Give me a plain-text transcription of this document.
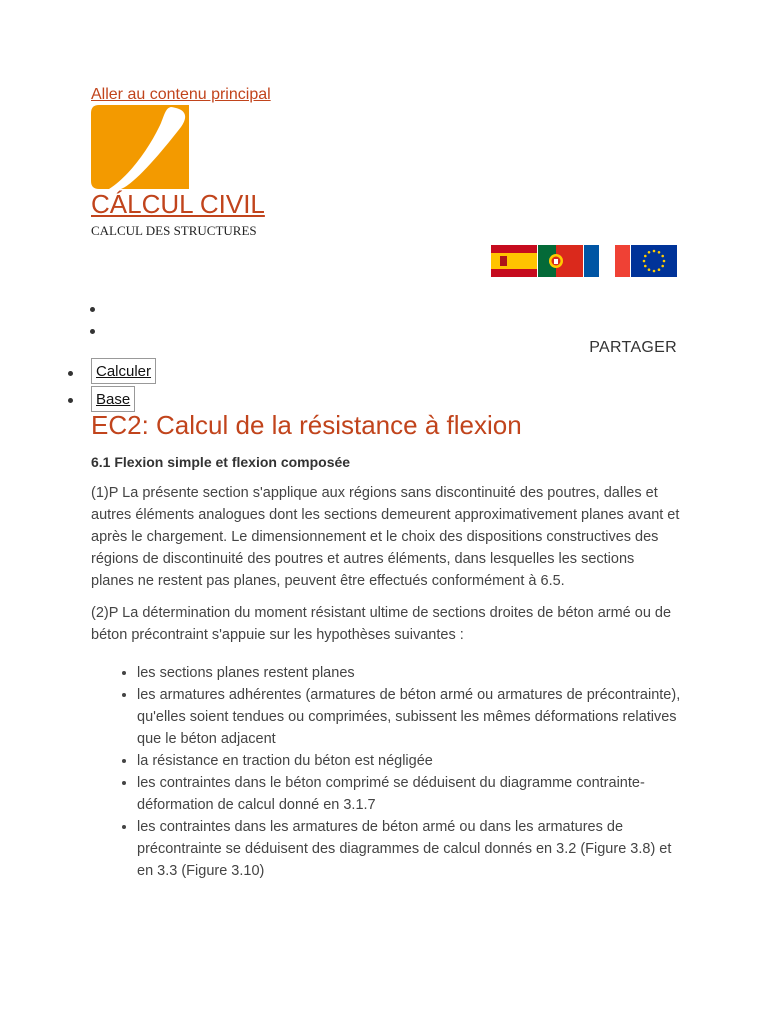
Aller au contenu principal
CÁLCUL CIVIL
CALCUL DES STRUCTURES
PARTAGER
Calculer
Base
EC2: Calcul de la résistance à flexion
6.1 Flexion simple et flexion composée

(1)P La présente section s'applique aux régions sans discontinuité des poutres, dalles et autres éléments analogues dont les sections demeurent approximativement planes avant et après le chargement. Le dimensionnement et le choix des dispositions constructives des régions de discontinuité des poutres et autres éléments, dans lesquelles les sections planes ne restent pas planes, peuvent être effectués conformément à 6.5.

(2)P La détermination du moment résistant ultime de sections droites de béton armé ou de béton précontraint s'appuie sur les hypothèses suivantes :

• les sections planes restent planes
• les armatures adhérentes (armatures de béton armé ou armatures de précontrainte), qu'elles soient tendues ou comprimées, subissent les mêmes déformations relatives que le béton adjacent
• la résistance en traction du béton est négligée
• les contraintes dans le béton comprimé se déduisent du diagramme contrainte-déformation de calcul donné en 3.1.7
• les contraintes dans les armatures de béton armé ou dans les armatures de précontrainte se déduisent des diagrammes de calcul donnés en 3.2 (Figure 3.8) et en 3.3 (Figure 3.10)
